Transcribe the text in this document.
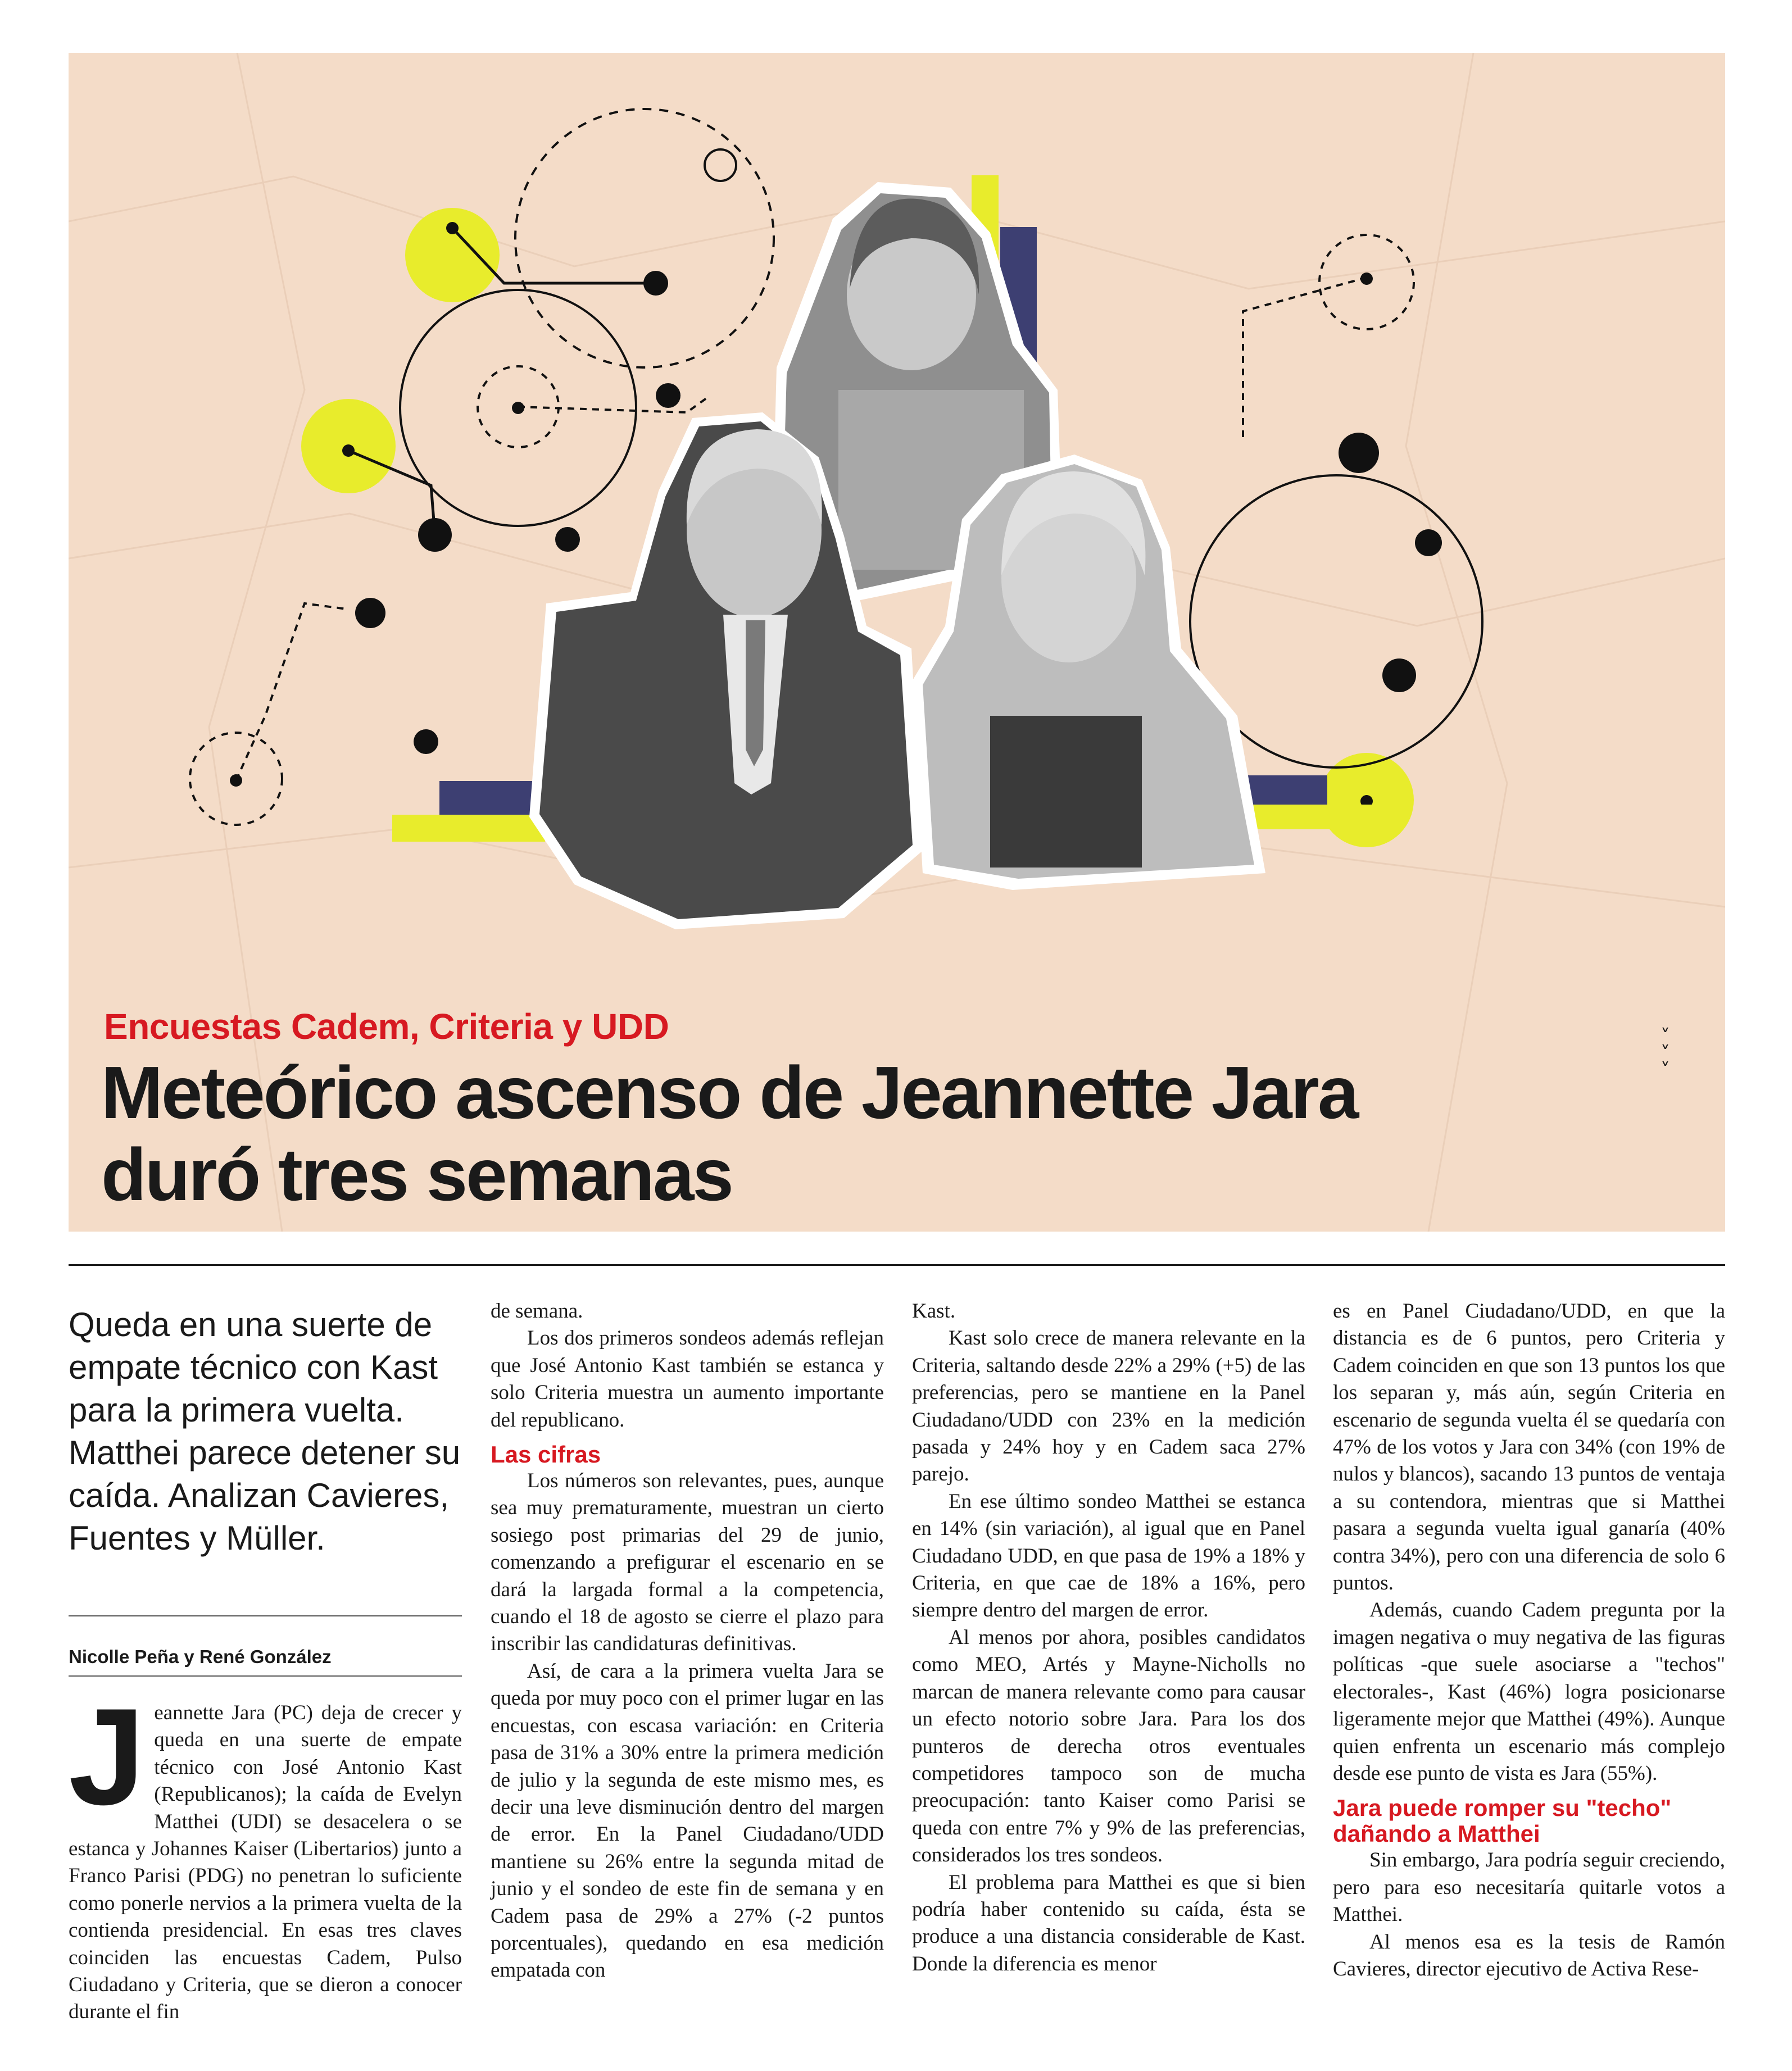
Encuestas Cadem, Criteria y UDD
Meteórico ascenso de Jeannette Jara
duró tres semanas
˅
˅
˅
Queda en una suerte de empate técnico con Kast para la primera vuelta. Matthei parece detener su caída. Analizan Cavieres, Fuentes y Müller.
Nicolle Peña y René González
J eannette Jara (PC) deja de crecer y queda en una suerte de empate técnico con José Antonio Kast (Republicanos); la caída de Evelyn Matthei (UDI) se desacelera o se estanca y Johannes Kaiser (Libertarios) junto a Franco Parisi (PDG) no penetran lo suficiente como ponerle nervios a la primera vuelta de la contienda presidencial. En esas tres claves coinciden las encuestas Cadem, Pulso Ciudadano y Criteria, que se dieron a conocer durante el fin

de semana.

Los dos primeros sondeos además reflejan que José Antonio Kast también se estanca y solo Criteria muestra un aumento importante del republicano.

Las cifras

Los números son relevantes, pues, aunque sea muy prematuramente, muestran un cierto sosiego post primarias del 29 de junio, comenzando a prefigurar el escenario en se dará la largada formal a la competencia, cuando el 18 de agosto se cierre el plazo para inscribir las candidaturas definitivas.

Así, de cara a la primera vuelta Jara se queda por muy poco con el primer lugar en las encuestas, con escasa variación: en Criteria pasa de 31% a 30% entre la primera medición de julio y la segunda de este mismo mes, es decir una leve disminución dentro del margen de error. En la Panel Ciudadano/UDD mantiene su 26% entre la segunda mitad de junio y el sondeo de este fin de semana y en Cadem pasa de 29% a 27% (-2 puntos porcentuales), quedando en esa medición empatada con

Kast.

Kast solo crece de manera relevante en la Criteria, saltando desde 22% a 29% (+5) de las preferencias, pero se mantiene en la Panel Ciudadano/UDD con 23% en la medición pasada y 24% hoy y en Cadem saca 27% parejo.

En ese último sondeo Matthei se estanca en 14% (sin variación), al igual que en Panel Ciudadano UDD, en que pasa de 19% a 18% y Criteria, en que cae de 18% a 16%, pero siempre dentro del margen de error.

Al menos por ahora, posibles candidatos como MEO, Artés y Mayne-Nicholls no marcan de manera relevante como para causar un efecto notorio sobre Jara. Para los dos punteros de derecha otros eventuales competidores tampoco son de mucha preocupación: tanto Kaiser como Parisi se queda con entre 7% y 9% de las preferencias, considerados los tres sondeos.

El problema para Matthei es que si bien podría haber contenido su caída, ésta se produce a una distancia considerable de Kast. Donde la diferencia es menor

es en Panel Ciudadano/UDD, en que la distancia es de 6 puntos, pero Criteria y Cadem coinciden en que son 13 puntos los que los separan y, más aún, según Criteria en escenario de segunda vuelta él se quedaría con 47% de los votos y Jara con 34% (con 19% de nulos y blancos), sacando 13 puntos de ventaja a su contendora, mientras que si Matthei pasara a segunda vuelta igual ganaría (40% contra 34%), pero con una diferencia de solo 6 puntos.

Además, cuando Cadem pregunta por la imagen negativa o muy negativa de las figuras políticas -que suele asociarse a "techos" electorales-, Kast (46%) logra posicionarse ligeramente mejor que Matthei (49%). Aunque quien enfrenta un escenario más complejo desde ese punto de vista es Jara (55%).

Jara puede romper su "techo" dañando a Matthei

Sin embargo, Jara podría seguir creciendo, pero para eso necesitaría quitarle votos a Matthei.

Al menos esa es la tesis de Ramón Cavieres, director ejecutivo de Activa Rese-
